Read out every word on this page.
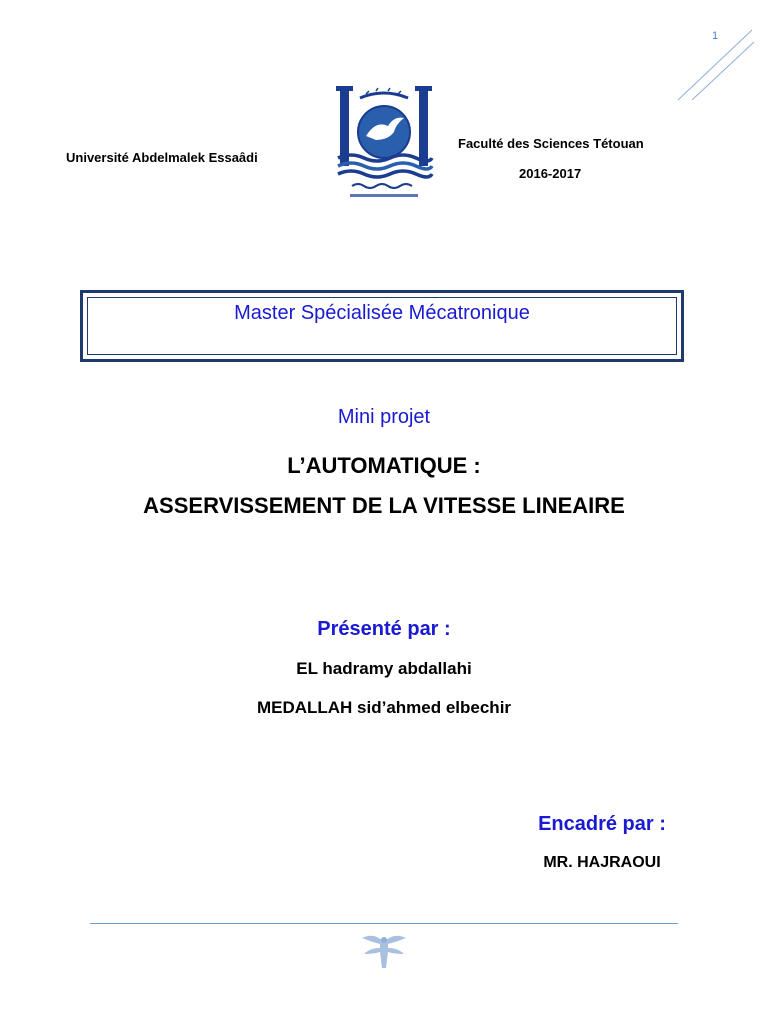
1
Université Abdelmalek Essaâdi
Faculté des Sciences Tétouan
2016-2017
Master Spécialisée Mécatronique
Mini projet
L’AUTOMATIQUE :
ASSERVISSEMENT DE LA VITESSE LINEAIRE
Présenté par :
EL hadramy abdallahi
MEDALLAH sid’ahmed elbechir
Encadré par :
MR. HAJRAOUI
